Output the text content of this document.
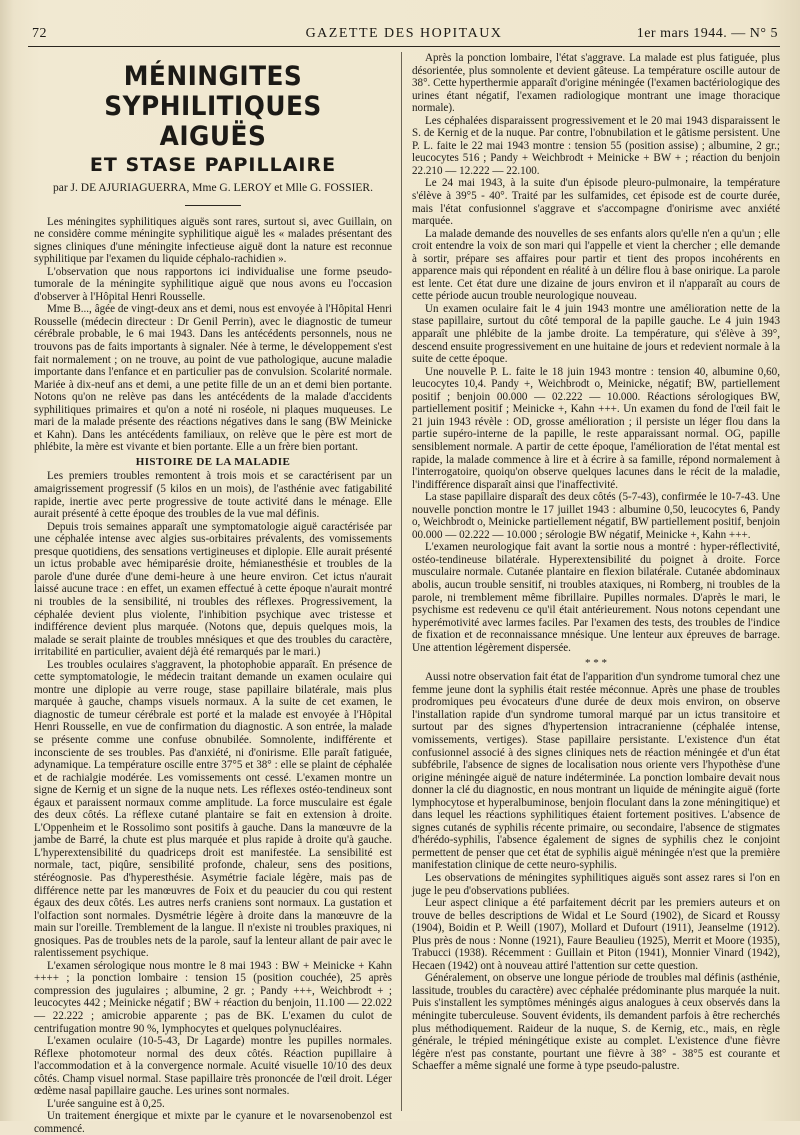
72	GAZETTE DES HOPITAUX	1er mars 1944. — N° 5
MÉNINGITES SYPHILITIQUES AIGUËS
ET STASE PAPILLAIRE
par J. DE AJURIAGUERRA, Mme G. LEROY et Mlle G. FOSSIER.

Les méningites syphilitiques aiguës sont rares, surtout si, avec Guillain, on ne considère comme méningite syphilitique aiguë les « malades présentant des signes cliniques d'une méningite infectieuse aiguë dont la nature est reconnue syphilitique par l'examen du liquide céphalo-rachidien ».

L'observation que nous rapportons ici individualise une forme pseudo-tumorale de la méningite syphilitique aiguë que nous avons eu l'occasion d'observer à l'Hôpital Henri Rousselle.

Mme B..., âgée de vingt-deux ans et demi, nous est envoyée à l'Hôpital Henri Rousselle (médecin directeur : Dr Genil Perrin), avec le diagnostic de tumeur cérébrale probable, le 6 mai 1943. Dans les antécédents personnels, nous ne trouvons pas de faits importants à signaler. Née à terme, le développement s'est fait normalement ; on ne trouve, au point de vue pathologique, aucune maladie importante dans l'enfance et en particulier pas de convulsion. Scolarité normale. Mariée à dix-neuf ans et demi, a une petite fille de un an et demi bien portante. Notons qu'on ne relève pas dans les antécédents de la malade d'accidents syphilitiques primaires et qu'on a noté ni roséole, ni plaques muqueuses. Le mari de la malade présente des réactions négatives dans le sang (BW Meinicke et Kahn). Dans les antécédents familiaux, on relève que le père est mort de phlébite, la mère est vivante et bien portante. Elle a un frère bien portant.

HISTOIRE DE LA MALADIE

Les premiers troubles remontent à trois mois et se caractérisent par un amaigrissement progressif (5 kilos en un mois), de l'asthénie avec fatigabilité rapide, inertie avec perte progressive de toute activité dans le ménage. Elle aurait présenté à cette époque des troubles de la vue mal définis.

Depuis trois semaines apparaît une symptomatologie aiguë caractérisée par une céphalée intense avec algies sus-orbitaires prévalents, des vomissements presque quotidiens, des sensations vertigineuses et diplopie. Elle aurait présenté un ictus probable avec hémiparésie droite, hémianesthésie et troubles de la parole d'une durée d'une demi-heure à une heure environ. Cet ictus n'aurait laissé aucune trace : en effet, un examen effectué à cette époque n'aurait montré ni troubles de la sensibilité, ni troubles des réflexes. Progressivement, la céphalée devient plus violente, l'inhibition psychique avec tristesse et indifférence devient plus marquée. (Notons que, depuis quelques mois, la malade se serait plainte de troubles mnésiques et que des troubles du caractère, irritabilité en particulier, avaient déjà été remarqués par le mari.)

Les troubles oculaires s'aggravent, la photophobie apparaît. En présence de cette symptomatologie, le médecin traitant demande un examen oculaire qui montre une diplopie au verre rouge, stase papillaire bilatérale, mais plus marquée à gauche, champs visuels normaux. A la suite de cet examen, le diagnostic de tumeur cérébrale est porté et la malade est envoyée à l'Hôpital Henri Rousselle, en vue de confirmation du diagnostic. A son entrée, la malade se présente comme une confuse obnubilée. Somnolente, indifférente et inconsciente de ses troubles. Pas d'anxiété, ni d'onirisme. Elle paraît fatiguée, adynamique. La température oscille entre 37°5 et 38° : elle se plaint de céphalée et de rachialgie modérée. Les vomissements ont cessé. L'examen montre un signe de Kernig et un signe de la nuque nets. Les réflexes ostéo-tendineux sont égaux et paraissent normaux comme amplitude. La force musculaire est égale des deux côtés. La réflexe cutané plantaire se fait en extension à droite. L'Oppenheim et le Rossolimo sont positifs à gauche. Dans la manœuvre de la jambe de Barré, la chute est plus marquée et plus rapide à droite qu'à gauche. L'hyperextensibilité du quadriceps droit est manifestée. La sensibilité est normale, tact, piqûre, sensibilité profonde, chaleur, sens des positions, stéréognosie. Pas d'hyperesthésie. Asymétrie faciale légère, mais pas de différence nette par les manœuvres de Foix et du peaucier du cou qui restent égaux des deux côtés. Les autres nerfs craniens sont normaux. La gustation et l'olfaction sont normales. Dysmétrie légère à droite dans la manœuvre de la main sur l'oreille. Tremblement de la langue. Il n'existe ni troubles praxiques, ni gnosiques. Pas de troubles nets de la parole, sauf la lenteur allant de pair avec le ralentissement psychique.

L'examen sérologique nous montre le 8 mai 1943 : BW + Meinicke + Kahn ++++ ; la ponction lombaire : tension 15 (position couchée), 25 après compression des jugulaires ; albumine, 2 gr. ; Pandy +++, Weichbrodt + ; leucocytes 442 ; Meinicke négatif ; BW + réaction du benjoin, 11.100 — 22.022 — 22.222 ; amicrobie apparente ; pas de BK. L'examen du culot de centrifugation montre 90 %, lymphocytes et quelques polynucléaires.

L'examen oculaire (10-5-43, Dr Lagarde) montre les pupilles normales. Réflexe photomoteur normal des deux côtés. Réaction pupillaire à l'accommodation et à la convergence normale. Acuité visuelle 10/10 des deux côtés. Champ visuel normal. Stase papillaire très prononcée de l'œil droit. Léger œdème nasal papillaire gauche. Les urines sont normales.

L'urée sanguine est à 0,25.

Un traitement énergique et mixte par le cyanure et le novarsenobenzol est commencé.

Après la ponction lombaire, l'état s'aggrave. La malade est plus fatiguée, plus désorientée, plus somnolente et devient gâteuse. La température oscille autour de 38°. Cette hyperthermie apparaît d'origine méningée (l'examen bactériologique des urines étant négatif, l'examen radiologique montrant une image thoracique normale).

Les céphalées disparaissent progressivement et le 20 mai 1943 disparaissent le S. de Kernig et de la nuque. Par contre, l'obnubilation et le gâtisme persistent. Une P. L. faite le 22 mai 1943 montre : tension 55 (position assise) ; albumine, 2 gr.; leucocytes 516 ; Pandy + Weichbrodt + Meinicke + BW + ; réaction du benjoin 22.210 — 12.222 — 22.100.

Le 24 mai 1943, à la suite d'un épisode pleuro-pulmonaire, la température s'élève à 39°5 - 40°. Traité par les sulfamides, cet épisode est de courte durée, mais l'état confusionnel s'aggrave et s'accompagne d'onirisme avec anxiété marquée.

La malade demande des nouvelles de ses enfants alors qu'elle n'en a qu'un ; elle croit entendre la voix de son mari qui l'appelle et vient la chercher ; elle demande à sortir, prépare ses affaires pour partir et tient des propos incohérents en apparence mais qui répondent en réalité à un délire flou à base onirique. La parole est lente. Cet état dure une dizaine de jours environ et il n'apparaît au cours de cette période aucun trouble neurologique nouveau.

Un examen oculaire fait le 4 juin 1943 montre une amélioration nette de la stase papillaire, surtout du côté temporal de la papille gauche. Le 4 juin 1943 apparaît une phlébite de la jambe droite. La température, qui s'élève à 39°, descend ensuite progressivement en une huitaine de jours et redevient normale à la suite de cette époque.

Une nouvelle P. L. faite le 18 juin 1943 montre : tension 40, albumine 0,60, leucocytes 10,4. Pandy +, Weichbrodt o, Meinicke, négatif; BW, partiellement positif ; benjoin 00.000 — 02.222 — 10.000. Réactions sérologiques BW, partiellement positif ; Meinicke +, Kahn +++. Un examen du fond de l'œil fait le 21 juin 1943 révèle : OD, grosse amélioration ; il persiste un léger flou dans la partie supéro-interne de la papille, le reste apparaissant normal. OG, papille sensiblement normale. A partir de cette époque, l'amélioration de l'état mental est rapide, la malade commence à lire et à écrire à sa famille, répond normalement à l'interrogatoire, quoiqu'on observe quelques lacunes dans le récit de la maladie, l'indifférence disparaît ainsi que l'inaffectivité.

La stase papillaire disparaît des deux côtés (5-7-43), confirmée le 10-7-43. Une nouvelle ponction montre le 17 juillet 1943 : albumine 0,50, leucocytes 6, Pandy o, Weichbrodt o, Meinicke partiellement négatif, BW partiellement positif, benjoin 00.000 — 02.222 — 10.000 ; sérologie BW négatif, Meinicke +, Kahn +++.

L'examen neurologique fait avant la sortie nous a montré : hyper-réflectivité, ostéo-tendineuse bilatérale. Hyperextensibilité du poignet à droite. Force musculaire normale. Cutanée plantaire en flexion bilatérale. Cutanée abdominaux abolis, aucun trouble sensitif, ni troubles ataxiques, ni Romberg, ni troubles de la parole, ni tremblement même fibrillaire. Pupilles normales. D'après le mari, le psychisme est redevenu ce qu'il était antérieurement. Nous notons cependant une hyperémotivité avec larmes faciles. Par l'examen des tests, des troubles de l'indice de fixation et de reconnaissance mnésique. Une lenteur aux épreuves de barrage. Une attention légèrement dispersée.

* * *

Aussi notre observation fait état de l'apparition d'un syndrome tumoral chez une femme jeune dont la syphilis était restée méconnue. Après une phase de troubles prodromiques peu évocateurs d'une durée de deux mois environ, on observe l'installation rapide d'un syndrome tumoral marqué par un ictus transitoire et surtout par des signes d'hypertension intracranienne (céphalée intense, vomissements, vertiges). Stase papillaire persistante. L'existence d'un état confusionnel associé à des signes cliniques nets de réaction méningée et d'un état subfébrile, l'absence de signes de localisation nous oriente vers l'hypothèse d'une origine méningée aiguë de nature indéterminée. La ponction lombaire devait nous donner la clé du diagnostic, en nous montrant un liquide de méningite aiguë (forte lymphocytose et hyperalbuminose, benjoin floculant dans la zone méningitique) et dans lequel les réactions syphilitiques étaient fortement positives. L'absence de signes cutanés de syphilis récente primaire, ou secondaire, l'absence de stigmates d'hérédo-syphilis, l'absence également de signes de syphilis chez le conjoint permettent de penser que cet état de syphilis aiguë méningée n'est que la première manifestation clinique de cette neuro-syphilis.

Les observations de méningites syphilitiques aiguës sont assez rares si l'on en juge le peu d'observations publiées.

Leur aspect clinique a été parfaitement décrit par les premiers auteurs et on trouve de belles descriptions de Widal et Le Sourd (1902), de Sicard et Roussy (1904), Boidin et P. Weill (1907), Mollard et Dufourt (1911), Jeanselme (1912). Plus près de nous : Nonne (1921), Faure Beaulieu (1925), Merrit et Moore (1935), Trabucci (1938). Récemment : Guillain et Piton (1941), Monnier Vinard (1942), Hecaen (1942) ont à nouveau attiré l'attention sur cette question.

Généralement, on observe une longue période de troubles mal définis (asthénie, lassitude, troubles du caractère) avec céphalée prédominante plus marquée la nuit. Puis s'installent les symptômes méningés aigus analogues à ceux observés dans la méningite tuberculeuse. Souvent évidents, ils demandent parfois à être recherchés plus méthodiquement. Raideur de la nuque, S. de Kernig, etc., mais, en règle générale, le trépied méningétique existe au complet. L'existence d'une fièvre légère n'est pas constante, pourtant une fièvre à 38° - 38°5 est courante et Schaeffer a même signalé une forme à type pseudo-palustre.
